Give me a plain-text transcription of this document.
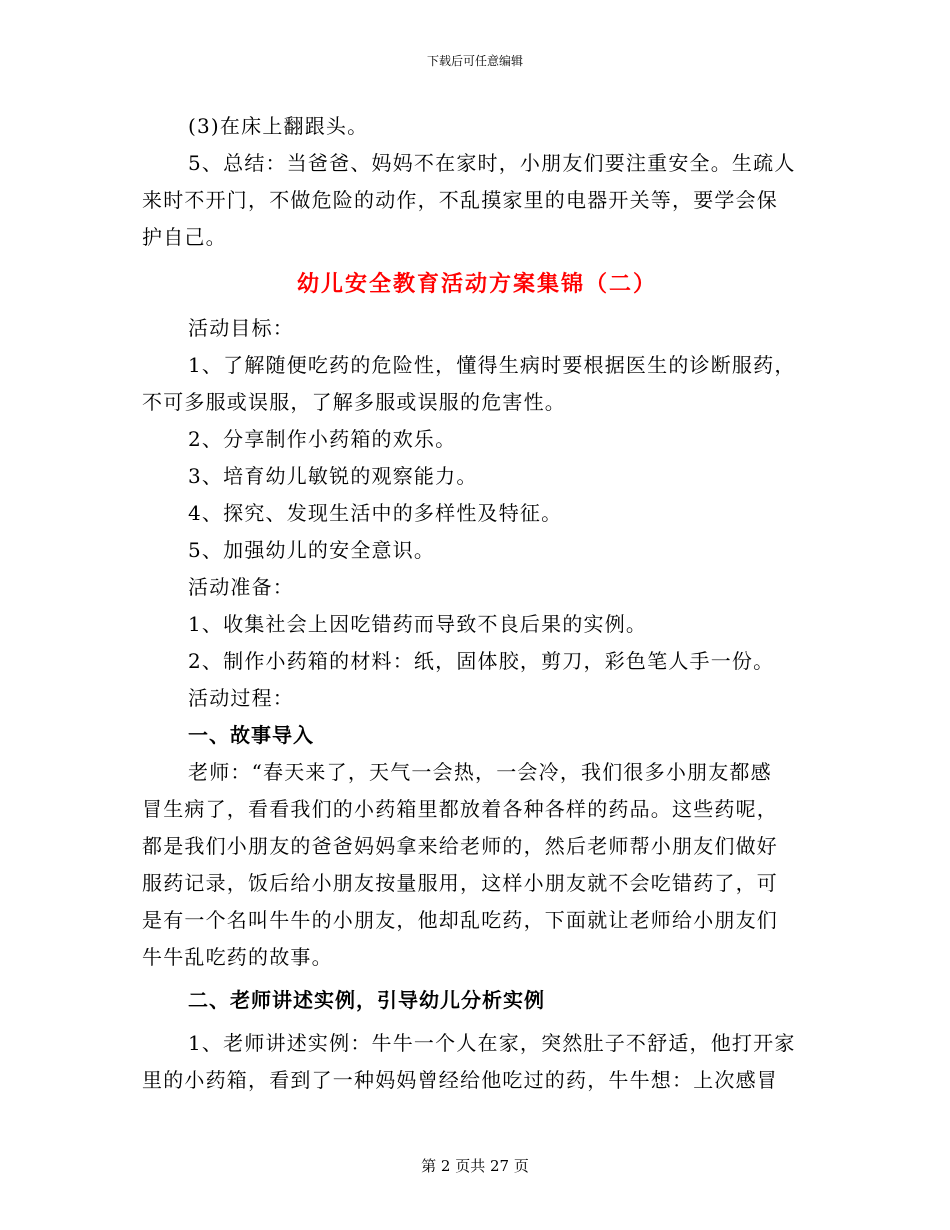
下载后可任意编辑
(3)在床上翻跟头。
5、总结：当爸爸、妈妈不在家时，小朋友们要注重安全。生疏人
来时不开门，不做危险的动作，不乱摸家里的电器开关等，要学会保
护自己。
幼儿安全教育活动方案集锦（二）
活动目标：
1、了解随便吃药的危险性，懂得生病时要根据医生的诊断服药，
不可多服或误服，了解多服或误服的危害性。
2、分享制作小药箱的欢乐。
3、培育幼儿敏锐的观察能力。
4、探究、发现生活中的多样性及特征。
5、加强幼儿的安全意识。
活动准备：
1、收集社会上因吃错药而导致不良后果的实例。
2、制作小药箱的材料：纸，固体胶，剪刀，彩色笔人手一份。
活动过程：
一、故事导入
老师：“春天来了，天气一会热，一会冷，我们很多小朋友都感
冒生病了，看看我们的小药箱里都放着各种各样的药品。这些药呢，
都是我们小朋友的爸爸妈妈拿来给老师的，然后老师帮小朋友们做好
服药记录，饭后给小朋友按量服用，这样小朋友就不会吃错药了，可
是有一个名叫牛牛的小朋友，他却乱吃药，下面就让老师给小朋友们
牛牛乱吃药的故事。
二、老师讲述实例，引导幼儿分析实例
1、老师讲述实例：牛牛一个人在家，突然肚子不舒适，他打开家
里的小药箱，看到了一种妈妈曾经给他吃过的药，牛牛想：上次感冒
第 2 页共 27 页
